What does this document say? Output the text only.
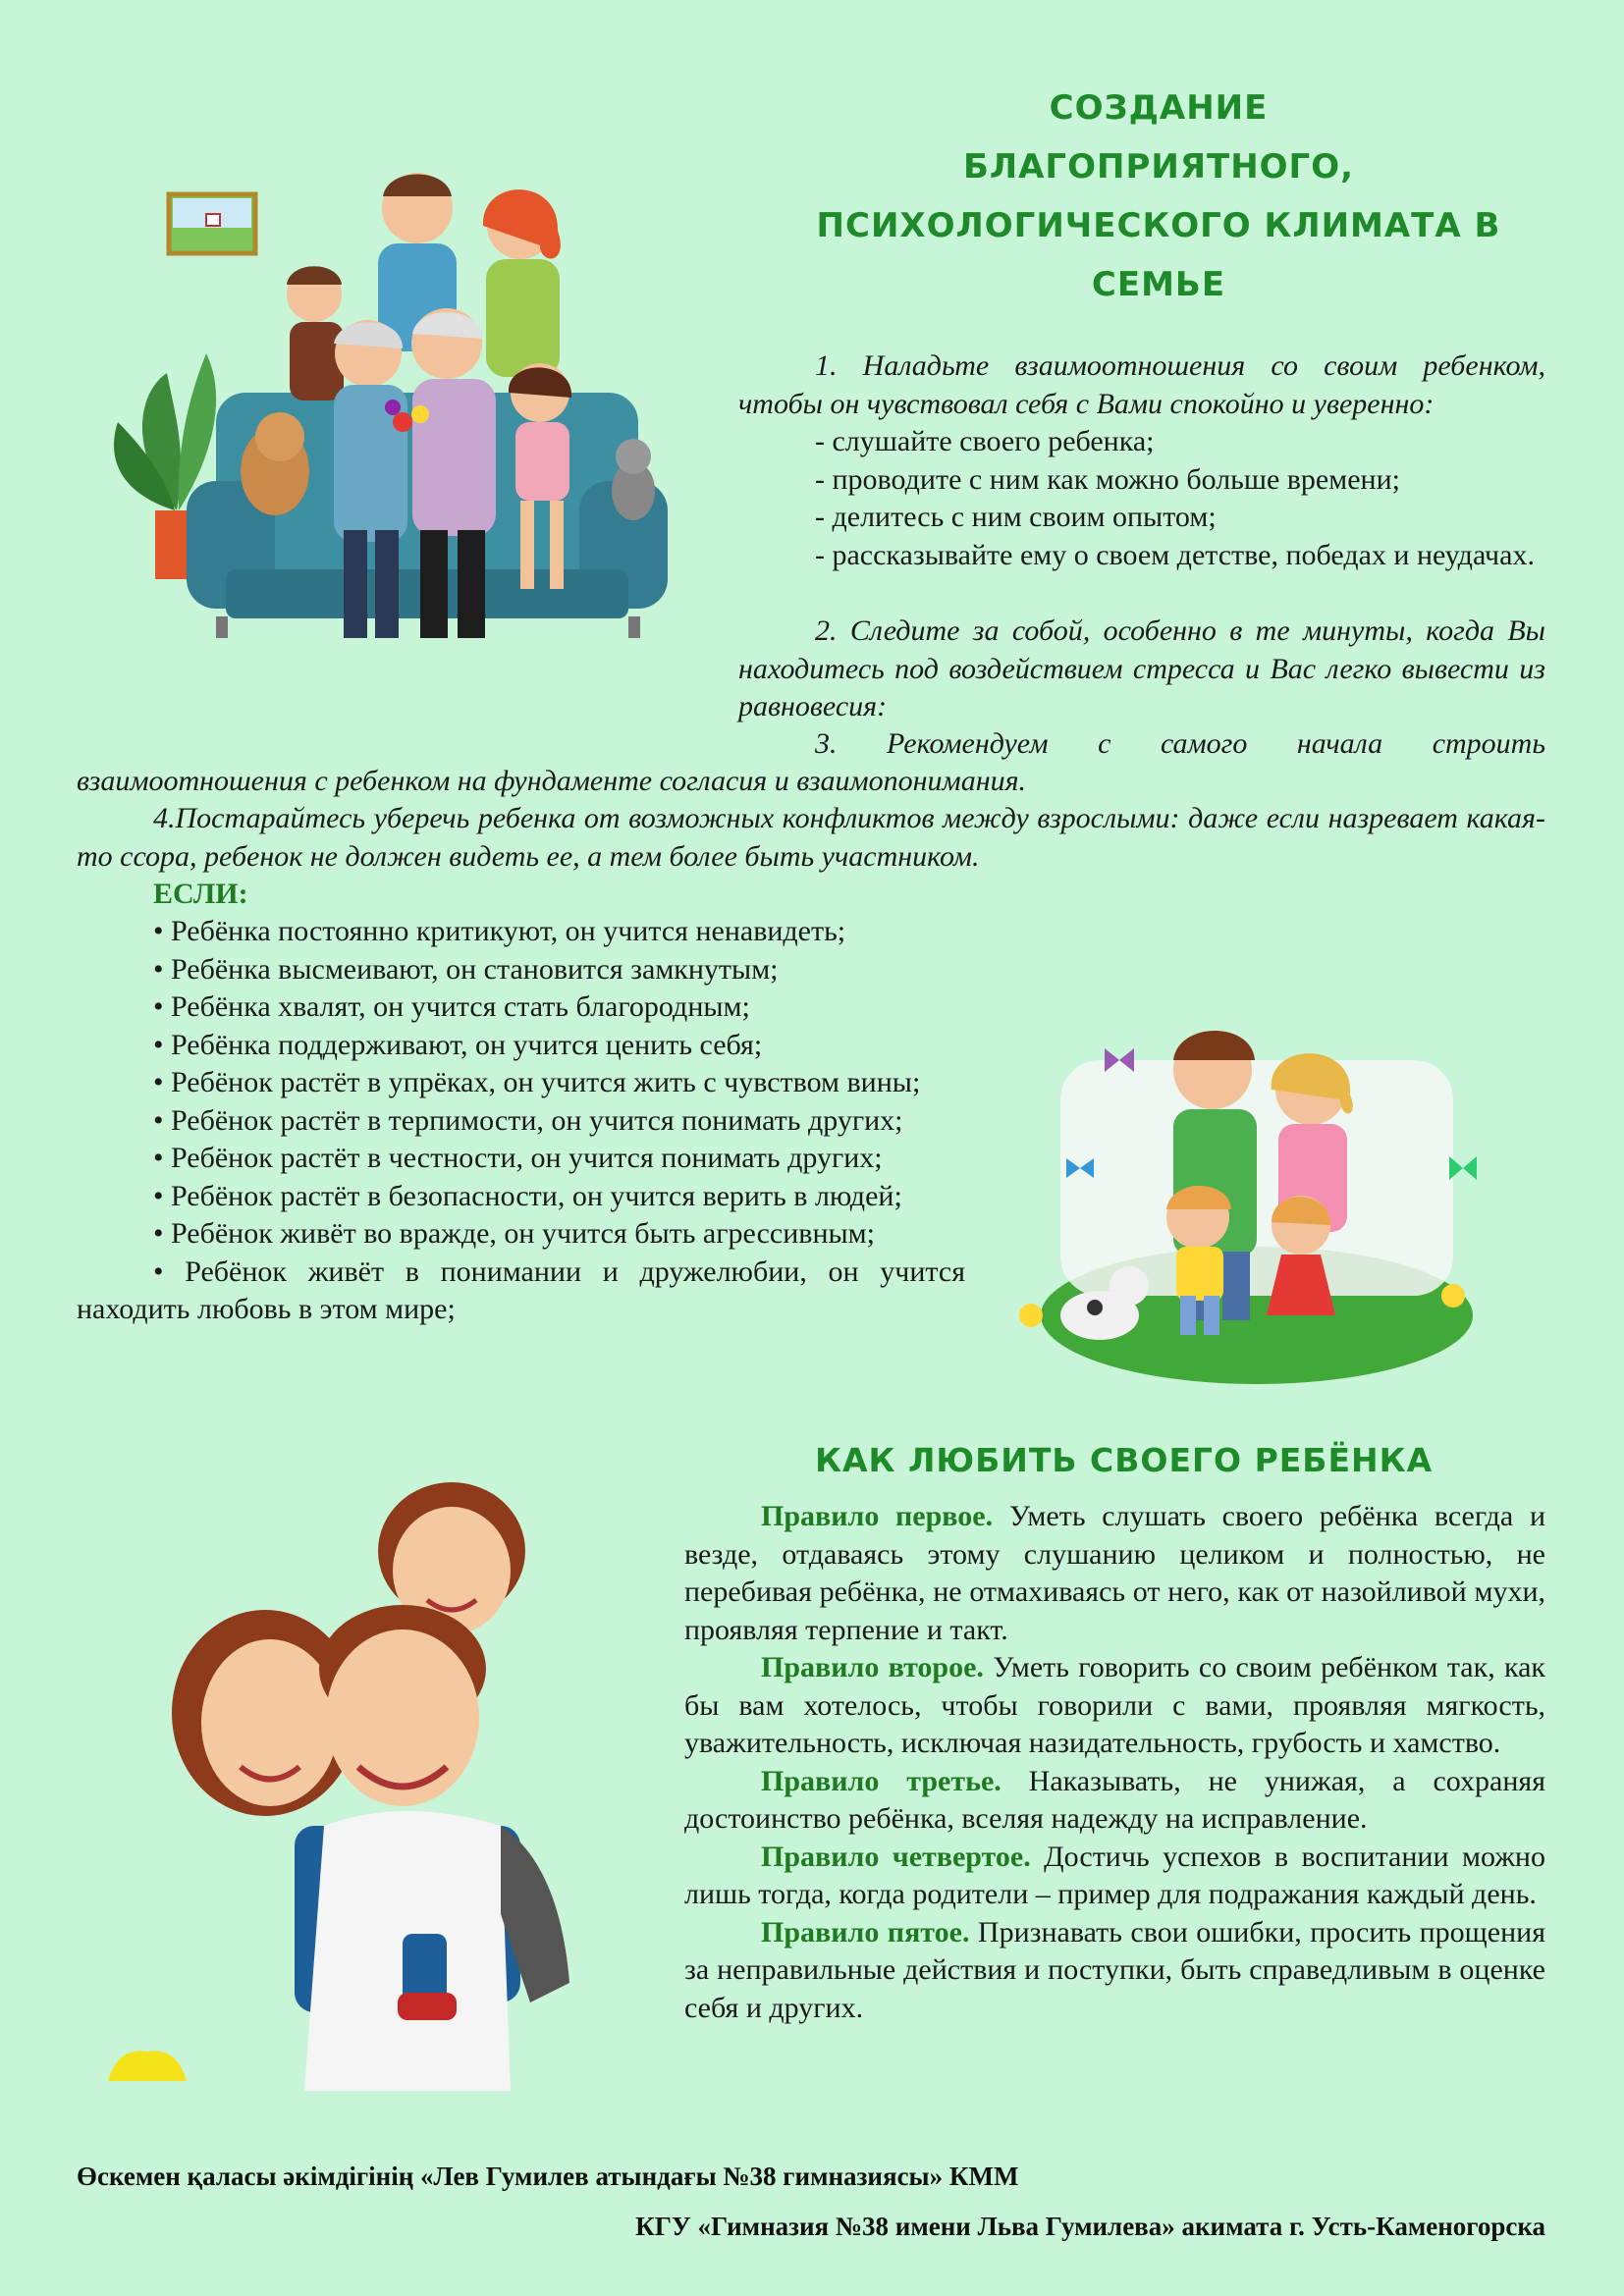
СОЗДАНИЕ
БЛАГОПРИЯТНОГО,
ПСИХОЛОГИЧЕСКОГО КЛИМАТА В
СЕМЬЕ
1. Наладьте взаимоотношения со своим ребенком, чтобы он чувствовал себя с Вами спокойно и уверенно:
- слушайте своего ребенка;
- проводите с ним как можно больше времени;
- делитесь с ним своим опытом;
- рассказывайте ему о своем детстве, победах и неудачах.
2. Следите за собой, особенно в те минуты, когда Вы находитесь под воздействием стресса и Вас легко вывести из равновесия:
3. Рекомендуем с самого начала строить
взаимоотношения с ребенком на фундаменте согласия и взаимопонимания.
4.Постарайтесь уберечь ребенка от возможных конфликтов между взрослыми: даже если назревает какая-то ссора, ребенок не должен видеть ее, а тем более быть участником.
ЕСЛИ:
• Ребёнка постоянно критикуют, он учится ненавидеть;
• Ребёнка высмеивают, он становится замкнутым;
• Ребёнка хвалят, он учится стать благородным;
• Ребёнка поддерживают, он учится ценить себя;
• Ребёнок растёт в упрёках, он учится жить с чувством вины;
• Ребёнок растёт в терпимости, он учится понимать других;
• Ребёнок растёт в честности, он учится понимать других;
• Ребёнок растёт в безопасности, он учится верить в людей;
• Ребёнок живёт во вражде, он учится быть агрессивным;
• Ребёнок живёт в понимании и дружелюбии, он учится находить любовь в этом мире;
КАК ЛЮБИТЬ СВОЕГО РЕБЁНКА
Правило первое. Уметь слушать своего ребёнка всегда и везде, отдаваясь этому слушанию целиком и полностью, не перебивая ребёнка, не отмахиваясь от него, как от назойливой мухи, проявляя терпение и такт.
Правило второе. Уметь говорить со своим ребёнком так, как бы вам хотелось, чтобы говорили с вами, проявляя мягкость, уважительность, исключая назидательность, грубость и хамство.
Правило третье. Наказывать, не унижая, а сохраняя достоинство ребёнка, вселяя надежду на исправление.
Правило четвертое. Достичь успехов в воспитании можно лишь тогда, когда родители – пример для подражания каждый день.
Правило пятое. Признавать свои ошибки, просить прощения за неправильные действия и поступки, быть справедливым в оценке себя и других.
Өскемен қаласы әкімдігінің «Лев Гумилев атындағы №38 гимназиясы» КММ
КГУ «Гимназия №38 имени Льва Гумилева» акимата г. Усть-Каменогорска
